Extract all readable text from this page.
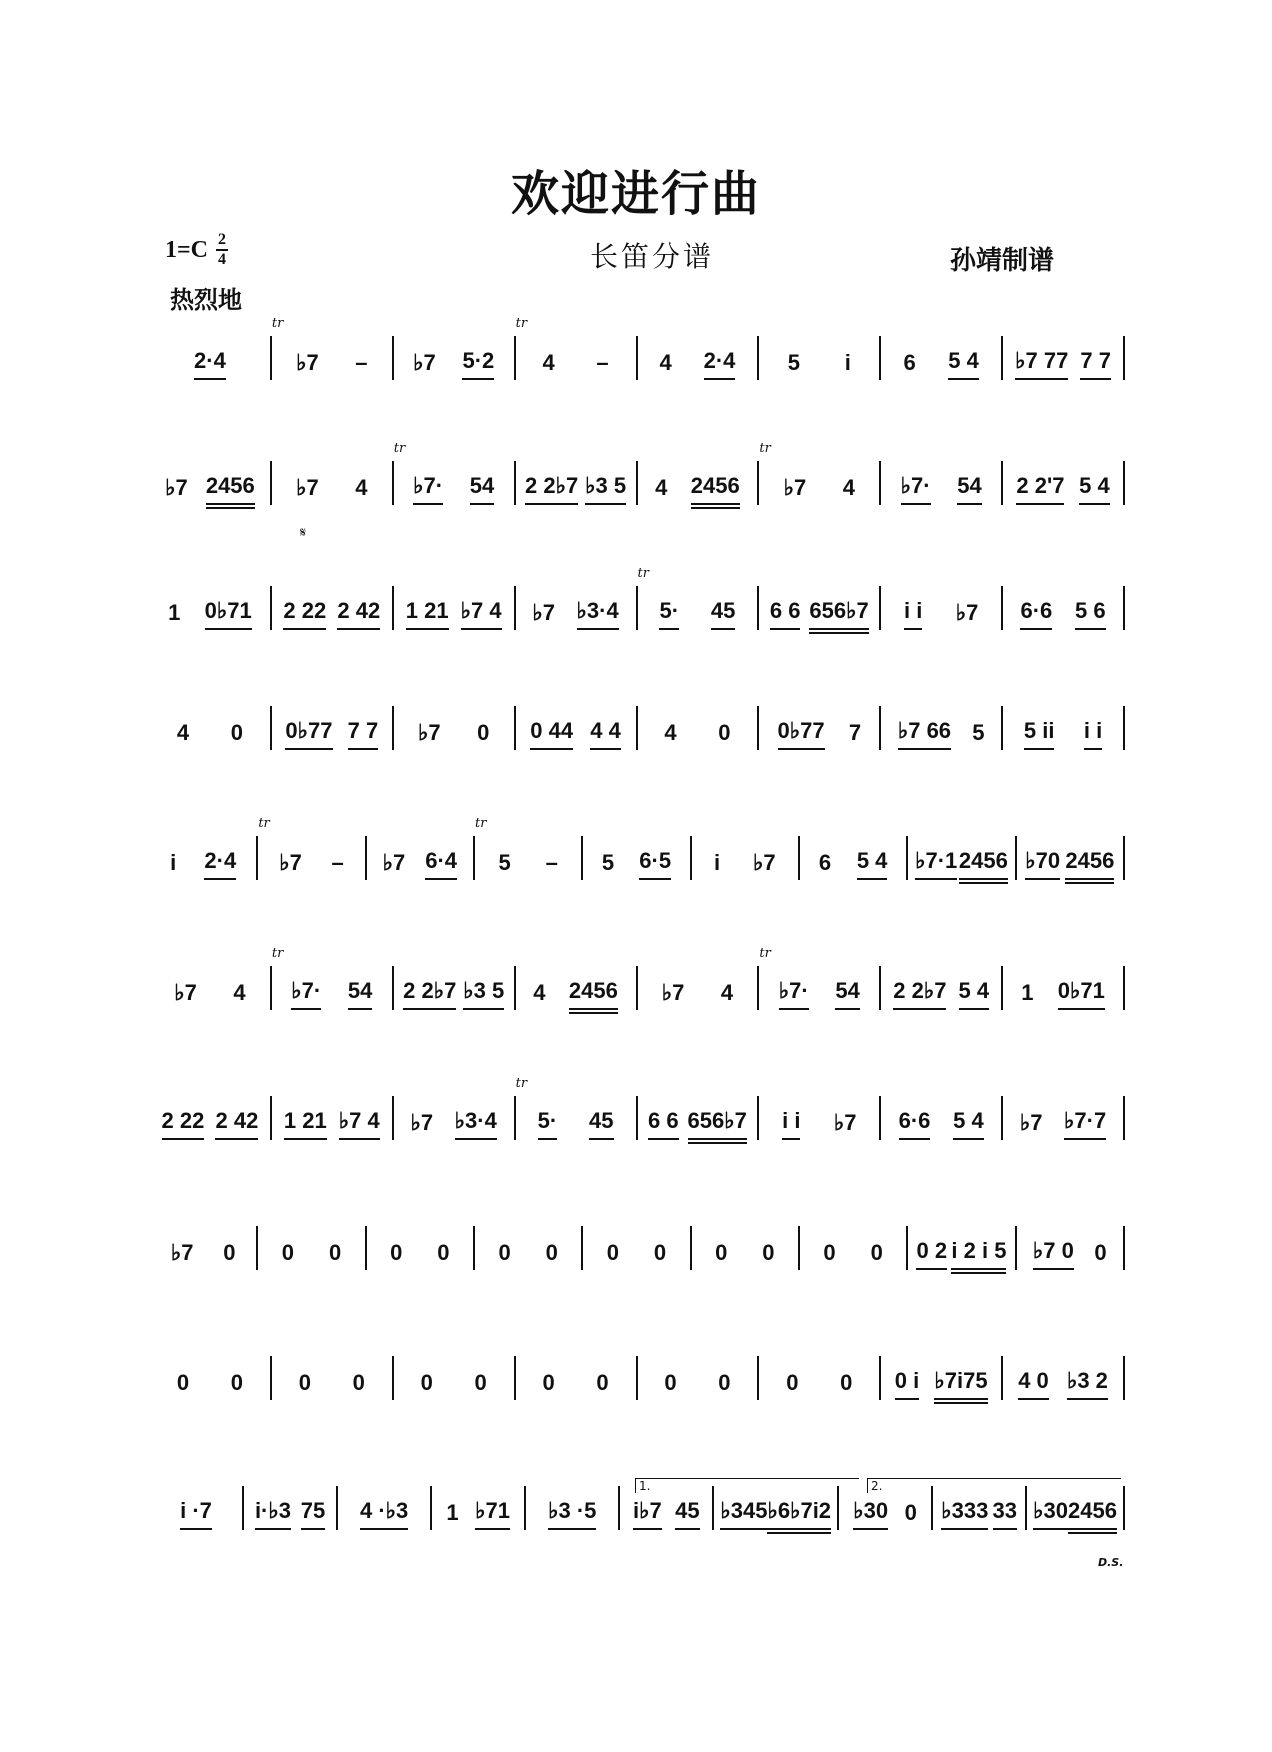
欢迎进行曲
1=C 2
4	长笛分谱	孙靖制谱
热烈地
2·4	♭7 –
tr
♭7 5·2 4 –
tr
4 2·4 5 i 6 5 4 ♭7 77 7 7
♭7 2456 ♭7 4 ♭7· 54
tr
2 2♭7 ♭3 5 4 2456 ♭7 4
tr
♭7· 54 2 2'7 5 4
1 0♭71 2 22 2 42 1 21 ♭7 4 ♭7 ♭3·4 5· 45
tr
6 6 656♭7 i i ♭7 6·6 5 6
4 0 0♭77 7 7 ♭7 0 0 44 4 4 4 0 0♭77 7 ♭7 66 5 5 ii i i
i 2·4 ♭7 –
tr
♭7 6·4 5 –
tr
5 6·5 i ♭7 6 5 4 ♭7·1 2456 ♭70 2456
♭7 4 ♭7· 54
tr
2 2♭7 ♭3 5 4 2456 ♭7 4 ♭7· 54
tr
2 2♭7 5 4 1 0♭71
2 22 2 42 1 21 ♭7 4 ♭7 ♭3·4 5· 45
tr
6 6 656♭7 i i ♭7 6·6 5 4 ♭7 ♭7·7
♭7 0 0 0 0 0 0 0 0 0 0 0 0 0 0 2 i 2 i 5 ♭7 0 0
0 0	0 0	0 0	0 0	0 0	0 0 0 i ♭7i75 4 0 ♭3 2
i ·7 i·♭3 75 4 ·♭3 1 ♭71 ♭3 ·5 i♭7 45 ♭345 ♭6♭7i2 ♭30 0 ♭333 33 ♭30 2456
𝄋
1.	2.
D.S.
